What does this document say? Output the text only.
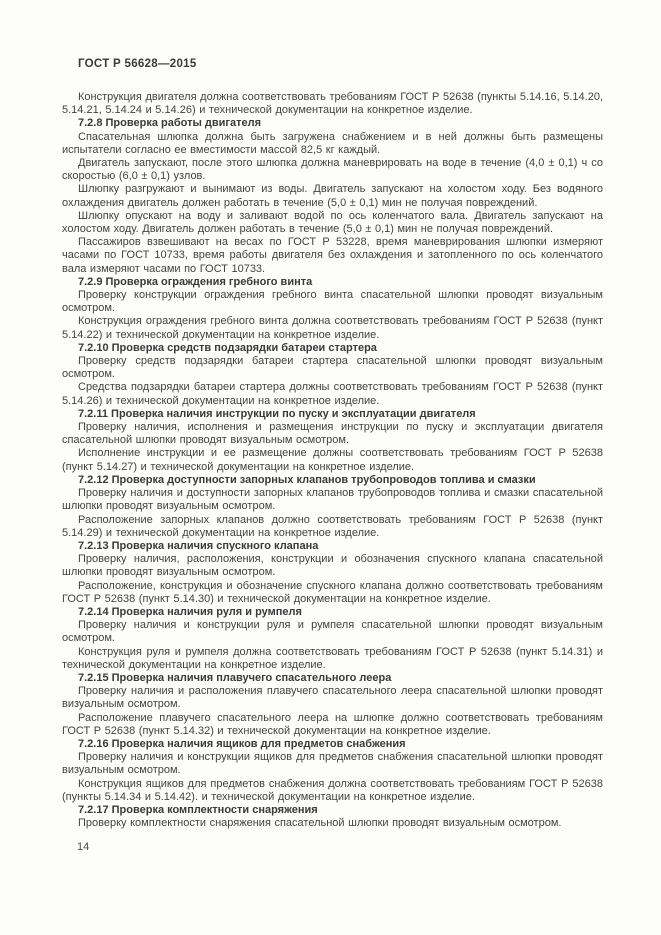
ГОСТ Р 56628—2015

Конструкция двигателя должна соответствовать требованиям ГОСТ Р 52638 (пункты 5.14.16, 5.14.20, 5.14.21, 5.14.24 и 5.14.26) и технической документации на конкретное изделие.

7.2.8 Проверка работы двигателя

Спасательная шлюпка должна быть загружена снабжением и в ней должны быть размещены испытатели согласно ее вместимости массой 82,5 кг каждый.

Двигатель запускают, после этого шлюпка должна маневрировать на воде в течение (4,0 ± 0,1) ч со скоростью (6,0 ± 0,1) узлов.

Шлюпку разгружают и вынимают из воды. Двигатель запускают на холостом ходу. Без водяного охлаждения двигатель должен работать в течение (5,0 ± 0,1) мин не получая повреждений.

Шлюпку опускают на воду и заливают водой по ось коленчатого вала. Двигатель запускают на холостом ходу. Двигатель должен работать в течение (5,0 ± 0,1) мин не получая повреждений.

Пассажиров взвешивают на весах по ГОСТ Р 53228, время маневрирования шлюпки измеряют часами по ГОСТ 10733, время работы двигателя без охлаждения и затопленного по ось коленчатого вала измеряют часами по ГОСТ 10733.

7.2.9 Проверка ограждения гребного винта

Проверку конструкции ограждения гребного винта спасательной шлюпки проводят визуальным осмотром.

Конструкция ограждения гребного винта должна соответствовать требованиям ГОСТ Р 52638 (пункт 5.14.22) и технической документации на конкретное изделие.

7.2.10 Проверка средств подзарядки батареи стартера

Проверку средств подзарядки батареи стартера спасательной шлюпки проводят визуальным осмотром.

Средства подзарядки батареи стартера должны соответствовать требованиям ГОСТ Р 52638 (пункт 5.14.26) и технической документации на конкретное изделие.

7.2.11 Проверка наличия инструкции по пуску и эксплуатации двигателя

Проверку наличия, исполнения и размещения инструкции по пуску и эксплуатации двигателя спасательной шлюпки проводят визуальным осмотром.

Исполнение инструкции и ее размещение должны соответствовать требованиям ГОСТ Р 52638 (пункт 5.14.27) и технической документации на конкретное изделие.

7.2.12 Проверка доступности запорных клапанов трубопроводов топлива и смазки

Проверку наличия и доступности запорных клапанов трубопроводов топлива и смазки спасательной шлюпки проводят визуальным осмотром.

Расположение запорных клапанов должно соответствовать требованиям ГОСТ Р 52638 (пункт 5.14.29) и технической документации на конкретное изделие.

7.2.13 Проверка наличия спускного клапана

Проверку наличия, расположения, конструкции и обозначения спускного клапана спасательной шлюпки проводят визуальным осмотром.

Расположение, конструкция и обозначение спускного клапана должно соответствовать требованиям ГОСТ Р 52638 (пункт 5.14.30) и технической документации на конкретное изделие.

7.2.14 Проверка наличия руля и румпеля

Проверку наличия и конструкции руля и румпеля спасательной шлюпки проводят визуальным осмотром.

Конструкция руля и румпеля должна соответствовать требованиям ГОСТ Р 52638 (пункт 5.14.31) и технической документации на конкретное изделие.

7.2.15 Проверка наличия плавучего спасательного леера

Проверку наличия и расположения плавучего спасательного леера спасательной шлюпки проводят визуальным осмотром.

Расположение плавучего спасательного леера на шлюпке должно соответствовать требованиям ГОСТ Р 52638 (пункт 5.14.32) и технической документации на конкретное изделие.

7.2.16 Проверка наличия ящиков для предметов снабжения

Проверку наличия и конструкции ящиков для предметов снабжения спасательной шлюпки проводят визуальным осмотром.

Конструкция ящиков для предметов снабжения должна соответствовать требованиям ГОСТ Р 52638 (пункты 5.14.34 и 5.14.42). и технической документации на конкретное изделие.

7.2.17 Проверка комплектности снаряжения

Проверку комплектности снаряжения спасательной шлюпки проводят визуальным осмотром.

14
